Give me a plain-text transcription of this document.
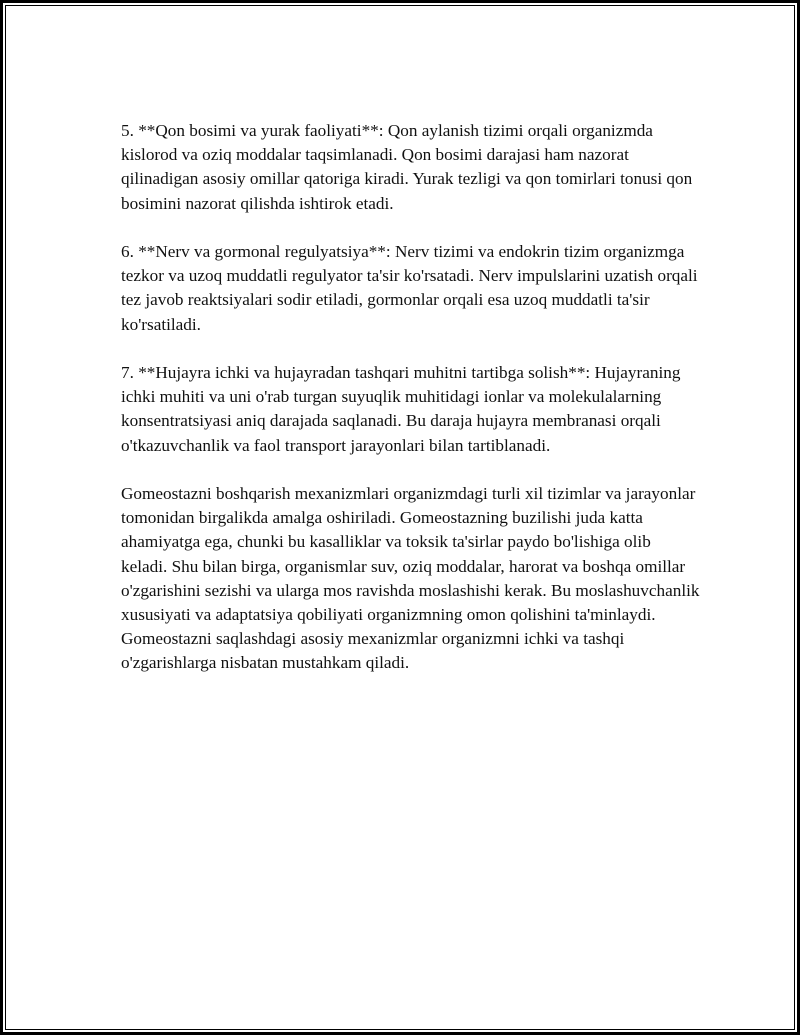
5. **Qon bosimi va yurak faoliyati**: Qon aylanish tizimi orqali organizmda kislorod va oziq moddalar taqsimlanadi. Qon bosimi darajasi ham nazorat qilinadigan asosiy omillar qatoriga kiradi. Yurak tezligi va qon tomirlari tonusi qon bosimini nazorat qilishda ishtirok etadi.

6. **Nerv va gormonal regulyatsiya**: Nerv tizimi va endokrin tizim organizmga tezkor va uzoq muddatli regulyator ta'sir ko'rsatadi. Nerv impulslarini uzatish orqali tez javob reaktsiyalari sodir etiladi, gormonlar orqali esa uzoq muddatli ta'sir ko'rsatiladi.

7. **Hujayra ichki va hujayradan tashqari muhitni tartibga solish**: Hujayraning ichki muhiti va uni o'rab turgan suyuqlik muhitidagi ionlar va molekulalarning konsentratsiyasi aniq darajada saqlanadi. Bu daraja hujayra membranasi orqali o'tkazuvchanlik va faol transport jarayonlari bilan tartiblanadi.

Gomeostazni boshqarish mexanizmlari organizmdagi turli xil tizimlar va jarayonlar tomonidan birgalikda amalga oshiriladi. Gomeostazning buzilishi juda katta ahamiyatga ega, chunki bu kasalliklar va toksik ta'sirlar paydo bo'lishiga olib keladi. Shu bilan birga, organismlar suv, oziq moddalar, harorat va boshqa omillar o'zgarishini sezishi va ularga mos ravishda moslashishi kerak. Bu moslashuvchanlik xususiyati va adaptatsiya qobiliyati organizmning omon qolishini ta'minlaydi. Gomeostazni saqlashdagi asosiy mexanizmlar organizmni ichki va tashqi o'zgarishlarga nisbatan mustahkam qiladi.
